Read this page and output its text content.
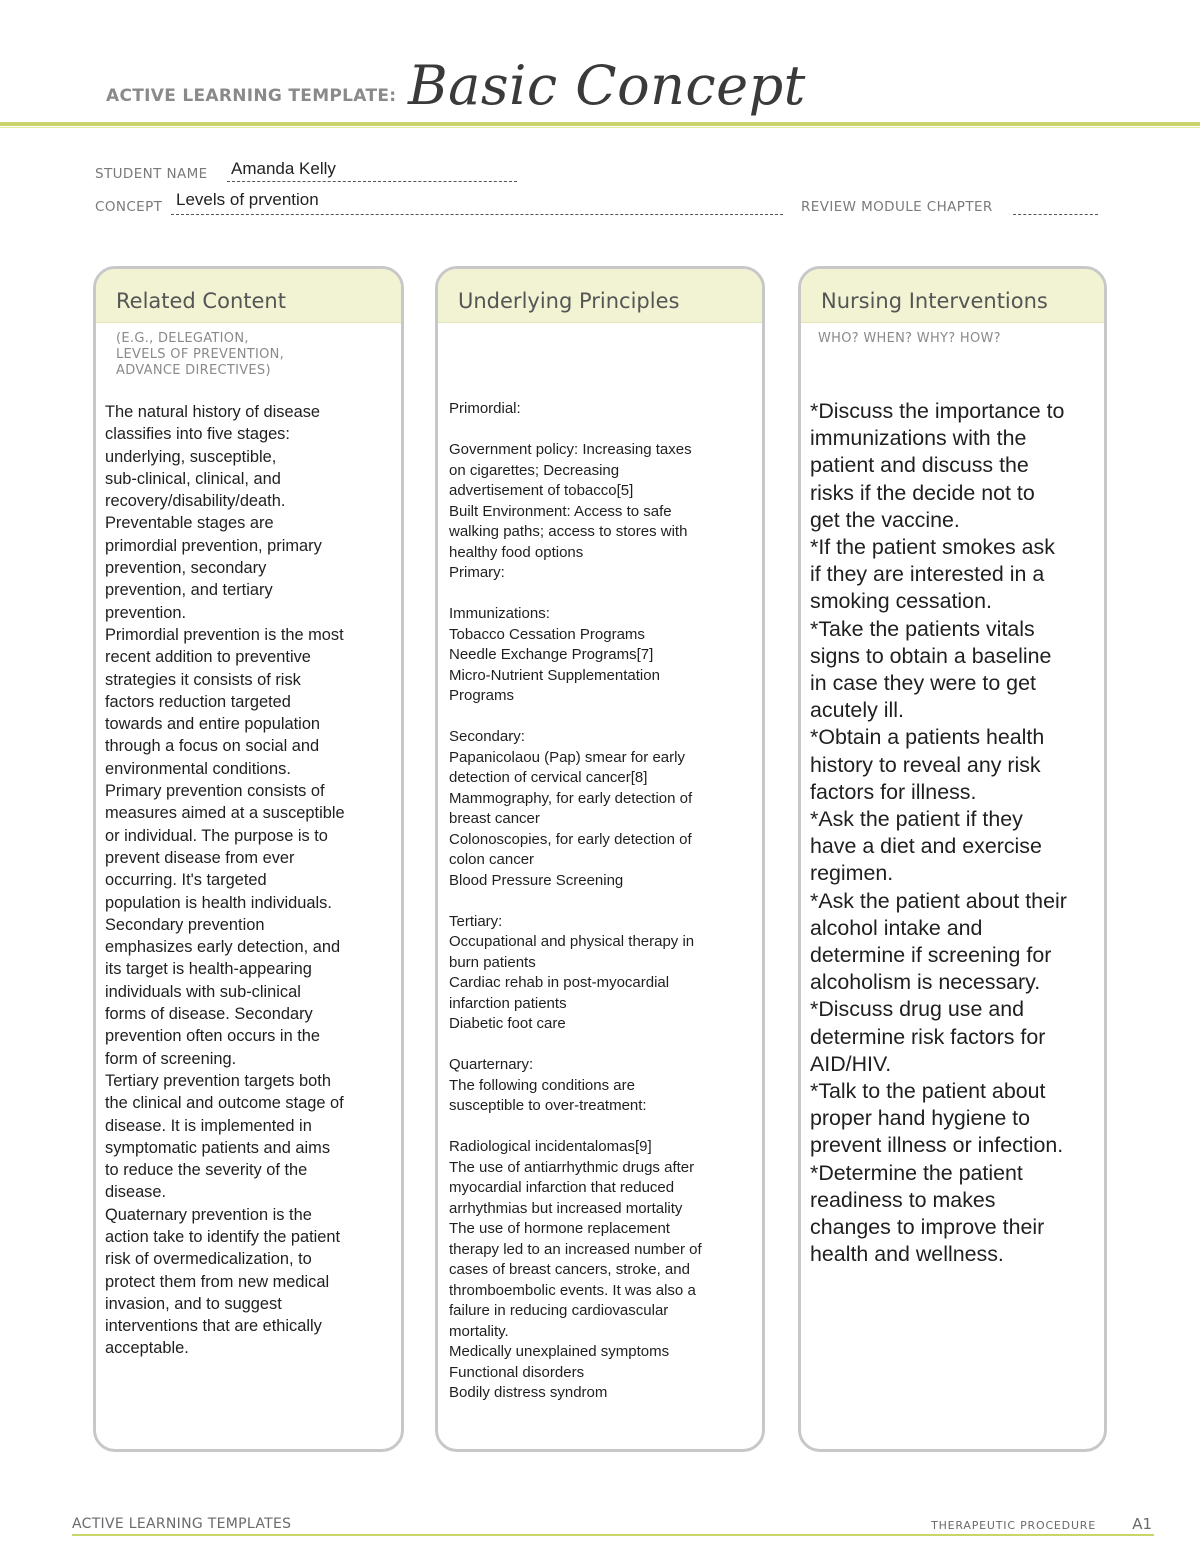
ACTIVE LEARNING TEMPLATE: Basic Concept
STUDENT NAME Amanda Kelly
CONCEPT Levels of prvention	REVIEW MODULE CHAPTER
Related Content
(E.G., DELEGATION,
LEVELS OF PREVENTION,
ADVANCE DIRECTIVES)
The natural history of disease
classifies into five stages:
underlying, susceptible,
sub-clinical, clinical, and
recovery/disability/death.
Preventable stages are
primordial prevention, primary
prevention, secondary
prevention, and tertiary
prevention.
Primordial prevention is the most
recent addition to preventive
strategies it consists of risk
factors reduction targeted
towards and entire population
through a focus on social and
environmental conditions.
Primary prevention consists of
measures aimed at a susceptible
or individual. The purpose is to
prevent disease from ever
occurring. It's targeted
population is health individuals.
Secondary prevention
emphasizes early detection, and
its target is health-appearing
individuals with sub-clinical
forms of disease. Secondary
prevention often occurs in the
form of screening.
Tertiary prevention targets both
the clinical and outcome stage of
disease. It is implemented in
symptomatic patients and aims
to reduce the severity of the
disease.
Quaternary prevention is the
action take to identify the patient
risk of overmedicalization, to
protect them from new medical
invasion, and to suggest
interventions that are ethically
acceptable.
Underlying Principles
Primordial:

Government policy: Increasing taxes
on cigarettes; Decreasing
advertisement of tobacco[5]
Built Environment: Access to safe
walking paths; access to stores with
healthy food options
Primary:

Immunizations:
Tobacco Cessation Programs
Needle Exchange Programs[7]
Micro-Nutrient Supplementation
Programs

Secondary:
Papanicolaou (Pap) smear for early
detection of cervical cancer[8]
Mammography, for early detection of
breast cancer
Colonoscopies, for early detection of
colon cancer
Blood Pressure Screening

Tertiary:
Occupational and physical therapy in
burn patients
Cardiac rehab in post-myocardial
infarction patients
Diabetic foot care

Quarternary:
The following conditions are
susceptible to over-treatment:

Radiological incidentalomas[9]
The use of antiarrhythmic drugs after
myocardial infarction that reduced
arrhythmias but increased mortality
The use of hormone replacement
therapy led to an increased number of
cases of breast cancers, stroke, and
thromboembolic events. It was also a
failure in reducing cardiovascular
mortality.
Medically unexplained symptoms
Functional disorders
Bodily distress syndrom
Nursing Interventions
WHO? WHEN? WHY? HOW?
*Discuss the importance to
immunizations with the
patient and discuss the
risks if the decide not to
get the vaccine.
*If the patient smokes ask
if they are interested in a
smoking cessation.
*Take the patients vitals
signs to obtain a baseline
in case they were to get
acutely ill.
*Obtain a patients health
history to reveal any risk
factors for illness.
*Ask the patient if they
have a diet and exercise
regimen.
*Ask the patient about their
alcohol intake and
determine if screening for
alcoholism is necessary.
*Discuss drug use and
determine risk factors for
AID/HIV.
*Talk to the patient about
proper hand hygiene to
prevent illness or infection.
*Determine the patient
readiness to makes
changes to improve their
health and wellness.
ACTIVE LEARNING TEMPLATES	THERAPEUTIC PROCEDURE A1
